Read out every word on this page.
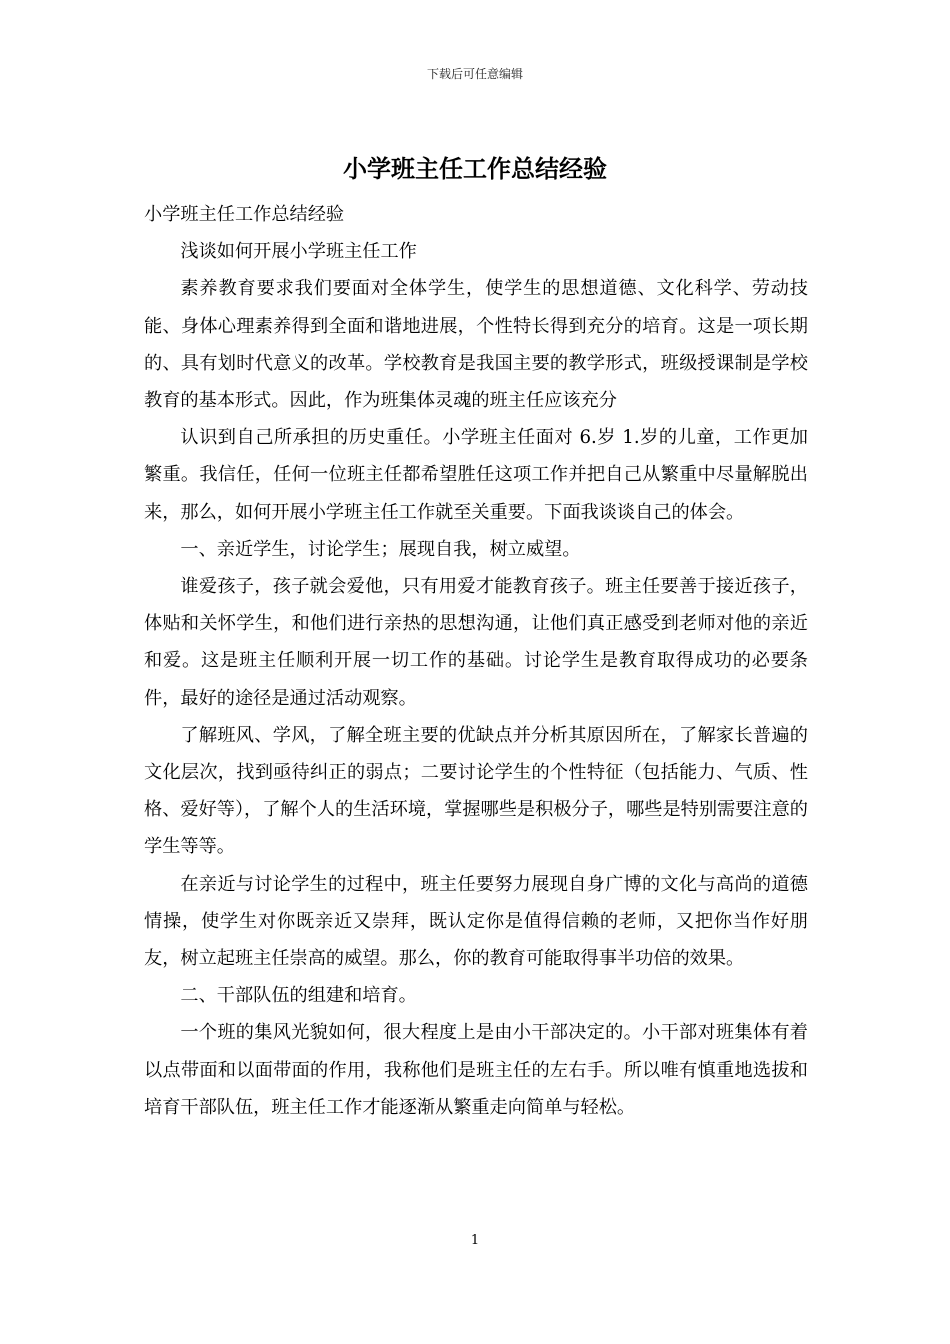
下载后可任意编辑
小学班主任工作总结经验

小学班主任工作总结经验

浅谈如何开展小学班主任工作

素养教育要求我们要面对全体学生，使学生的思想道德、文化科学、劳动技能、身体心理素养得到全面和谐地进展，个性特长得到充分的培育。这是一项长期的、具有划时代意义的改革。学校教育是我国主要的教学形式，班级授课制是学校教育的基本形式。因此，作为班集体灵魂的班主任应该充分

认识到自己所承担的历史重任。小学班主任面对 6.岁 1.岁的儿童，工作更加繁重。我信任，任何一位班主任都希望胜任这项工作并把自己从繁重中尽量解脱出来，那么，如何开展小学班主任工作就至关重要。下面我谈谈自己的体会。

一、亲近学生，讨论学生；展现自我，树立威望。

谁爱孩子，孩子就会爱他，只有用爱才能教育孩子。班主任要善于接近孩子，体贴和关怀学生，和他们进行亲热的思想沟通，让他们真正感受到老师对他的亲近和爱。这是班主任顺利开展一切工作的基础。讨论学生是教育取得成功的必要条件，最好的途径是通过活动观察。

了解班风、学风，了解全班主要的优缺点并分析其原因所在，了解家长普遍的文化层次，找到亟待纠正的弱点；二要讨论学生的个性特征（包括能力、气质、性格、爱好等），了解个人的生活环境，掌握哪些是积极分子，哪些是特别需要注意的学生等等。

在亲近与讨论学生的过程中，班主任要努力展现自身广博的文化与高尚的道德情操，使学生对你既亲近又崇拜，既认定你是值得信赖的老师，又把你当作好朋友，树立起班主任崇高的威望。那么，你的教育可能取得事半功倍的效果。

二、干部队伍的组建和培育。

一个班的集风光貌如何，很大程度上是由小干部决定的。小干部对班集体有着以点带面和以面带面的作用，我称他们是班主任的左右手。所以唯有慎重地选拔和培育干部队伍，班主任工作才能逐渐从繁重走向简单与轻松。

1
